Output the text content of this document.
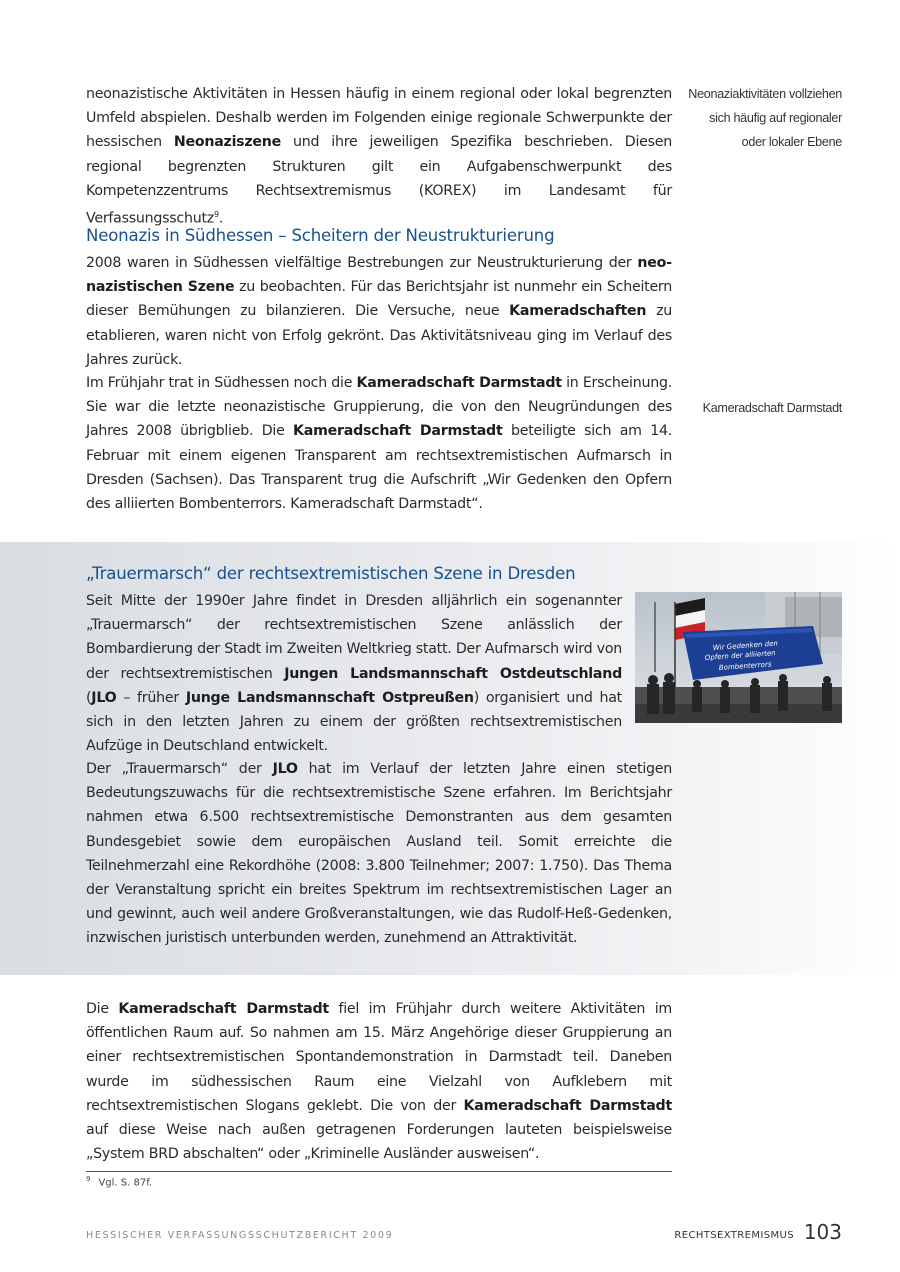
neonazistische Aktivitäten in Hessen häufig in einem regional oder lokal begrenzten Umfeld abspielen. Deshalb werden im Folgenden einige regionale Schwerpunkte der hessischen Neonaziszene und ihre jeweiligen Spezifika beschrieben. Diesen regional begrenzten Strukturen gilt ein Aufgabenschwerpunkt des Kompetenzzentrums Rechtsextremismus (KOREX) im Landesamt für Verfassungsschutz$^9$.

Neonaziaktivitäten vollziehen
sich häufig auf regionaler
oder lokaler Ebene
Neonazis in Südhessen – Scheitern der Neustrukturierung

2008 waren in Südhessen vielfältige Bestrebungen zur Neustrukturierung der neonazistischen Szene zu beobachten. Für das Berichtsjahr ist nunmehr ein Scheitern dieser Bemühungen zu bilanzieren. Die Versuche, neue Kameradschaften zu etablieren, waren nicht von Erfolg gekrönt. Das Aktivitätsniveau ging im Verlauf des Jahres zurück.

Im Frühjahr trat in Südhessen noch die Kameradschaft Darmstadt in Erscheinung. Sie war die letzte neonazistische Gruppierung, die von den Neugründungen des Jahres 2008 übrigblieb. Die Kameradschaft Darmstadt beteiligte sich am 14. Februar mit einem eigenen Transparent am rechtsextremistischen Aufmarsch in Dresden (Sachsen). Das Transparent trug die Aufschrift „Wir Gedenken den Opfern des alliierten Bombenterrors. Kameradschaft Darmstadt“.

Kameradschaft Darmstadt
„Trauermarsch“ der rechtsextremistischen Szene in Dresden

Seit Mitte der 1990er Jahre findet in Dresden alljährlich ein sogenannter „Trauermarsch“ der rechtsextremistischen Szene anlässlich der Bombardierung der Stadt im Zweiten Weltkrieg statt. Der Aufmarsch wird von der rechtsextremistischen Jungen Landsmannschaft Ostdeutschland (JLO – früher Junge Landsmannschaft Ostpreußen) organisiert und hat sich in den letzten Jahren zu einem der größten rechtsextremistischen Aufzüge in Deutschland entwickelt.

Wir Gedenken den
Opfern der alliierten
Bombenterrors

Der „Trauermarsch“ der JLO hat im Verlauf der letzten Jahre einen stetigen Bedeutungszuwachs für die rechtsextremistische Szene erfahren. Im Berichtsjahr nahmen etwa 6.500 rechtsextremistische Demonstranten aus dem gesamten Bundesgebiet sowie dem europäischen Ausland teil. Somit erreichte die Teilnehmerzahl eine Rekordhöhe (2008: 3.800 Teilnehmer; 2007: 1.750). Das Thema der Veranstaltung spricht ein breites Spektrum im rechtsextremistischen Lager an und gewinnt, auch weil andere Großveranstaltungen, wie das Rudolf-Heß-Gedenken, inzwischen juristisch unterbunden werden, zunehmend an Attraktivität.

Die Kameradschaft Darmstadt fiel im Frühjahr durch weitere Aktivitäten im öffentlichen Raum auf. So nahmen am 15. März Angehörige dieser Gruppierung an einer rechtsextremistischen Spontandemonstration in Darmstadt teil. Daneben wurde im südhessischen Raum eine Vielzahl von Aufklebern mit rechtsextremistischen Slogans geklebt. Die von der Kameradschaft Darmstadt auf diese Weise nach außen getragenen Forderungen lauteten beispielsweise „System BRD abschalten“ oder „Kriminelle Ausländer ausweisen“.

$^9$ Vgl. S. 87f.

HESSISCHER VERFASSUNGSSCHUTZBERICHT 2009	RECHTSEXTREMISMUS 103
